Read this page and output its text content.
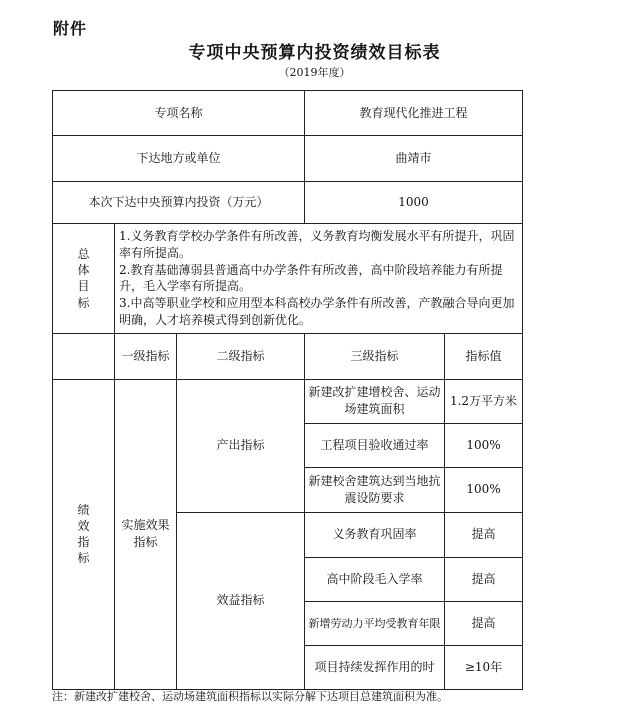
附件
专项中央预算内投资绩效目标表
（2019年度）
专项名称			教育现代化推进工程	
下达地方或单位			曲靖市	
本次下达中央预算内投资（万元）			1000	
总体目标	1.义务教育学校办学条件有所改善，义务教育均衡发展水平有所提升，巩固率有所提高。
2.教育基础薄弱县普通高中办学条件有所改善，高中阶段培养能力有所提升，毛入学率有所提高。
3.中高等职业学校和应用型本科高校办学条件有所改善，产教融合导向更加明确，人才培养模式得到创新优化。			

	一级指标	二级指标	三级指标	指标值
绩效指标	实施效果指标	产出指标	新建改扩建增校舍、运动场建筑面积	1.2万平方米
			工程项目验收通过率	100%
			新建校舍建筑达到当地抗震设防要求	100%
		效益指标	义务教育巩固率	提高
			高中阶段毛入学率	提高
			新增劳动力平均受教育年限	提高
			项目持续发挥作用的时	≥10年
注：新建改扩建校舍、运动场建筑面积指标以实际分解下达项目总建筑面积为准。
